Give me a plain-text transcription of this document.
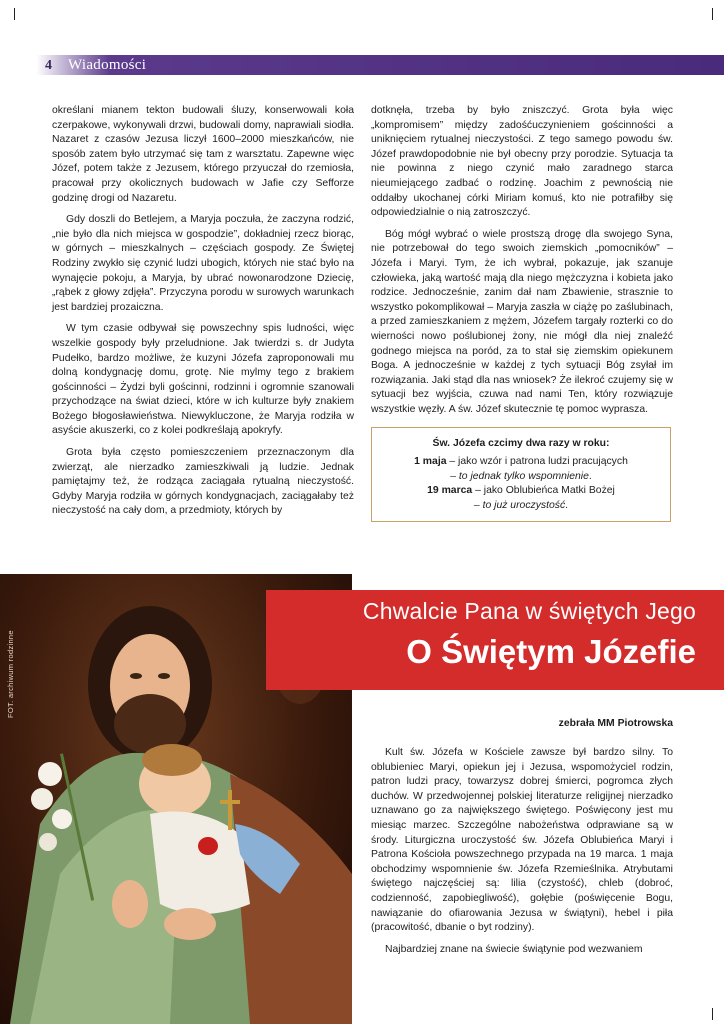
4 Wiadomości

określani mianem tekton budowali śluzy, konserwowali koła czerpakowe, wykonywali drzwi, budowali domy, naprawiali siodła. Nazaret z czasów Jezusa liczył 1600–2000 mieszkańców, nie sposób zatem było utrzymać się tam z warsztatu. Zapewne więc Józef, potem także z Jezusem, którego przyuczał do rzemiosła, pracował przy okolicznych budowach w Jafie czy Sefforze godzinę drogi od Nazaretu.

Gdy doszli do Betlejem, a Maryja poczuła, że zaczyna rodzić, „nie było dla nich miejsca w gospodzie”, dokładniej rzecz biorąc, w górnych – mieszkalnych – częściach gospody. Ze Świętej Rodziny zwykło się czynić ludzi ubogich, których nie stać było na wynajęcie pokoju, a Maryja, by ubrać nowonarodzone Dziecię, „rąbek z głowy zdjęła”. Przyczyna porodu w surowych warunkach jest bardziej prozaiczna.

W tym czasie odbywał się powszechny spis ludności, więc wszelkie gospody były przeludnione. Jak twierdzi s. dr Judyta Pudełko, bardzo możliwe, że kuzyni Józefa zaproponowali mu dolną kondygnację domu, grotę. Nie mylmy tego z brakiem gościnności – Żydzi byli gościnni, rodzinni i ogromnie szanowali przychodzące na świat dzieci, które w ich kulturze były znakiem Bożego błogosławieństwa. Niewykluczone, że Maryja rodziła w asyście akuszerki, co z kolei podkreślają apokryfy.

Grota była często pomieszczeniem przeznaczonym dla zwierząt, ale nierzadko zamieszkiwali ją ludzie. Jednak pamiętajmy też, że rodząca zaciągała rytualną nieczystość. Gdyby Maryja rodziła w górnych kondygnacjach, zaciągałaby też nieczystość na cały dom, a przedmioty, których by

dotknęła, trzeba by było zniszczyć. Grota była więc „kompromisem” między zadośćuczynieniem gościnności a uniknięciem rytualnej nieczystości. Z tego samego powodu św. Józef prawdopodobnie nie był obecny przy porodzie. Sytuacja ta nie powinna z niego czynić mało zaradnego starca nieumiejącego zadbać o rodzinę. Joachim z pewnością nie oddałby ukochanej córki Miriam komuś, kto nie potrafiłby się odpowiedzialnie o nią zatroszczyć.

Bóg mógł wybrać o wiele prostszą drogę dla swojego Syna, nie potrzebował do tego swoich ziemskich „pomocników” – Józefa i Maryi. Tym, że ich wybrał, pokazuje, jak szanuje człowieka, jaką wartość mają dla niego mężczyzna i kobieta jako rodzice. Jednocześnie, zanim dał nam Zbawienie, strasznie to wszystko pokomplikował – Maryja zaszła w ciążę po zaślubinach, a przed zamieszkaniem z mężem, Józefem targały rozterki co do wierności nowo poślubionej żony, nie mógł dla niej znaleźć godnego miejsca na poród, za to stał się ziemskim opiekunem Boga. A jednocześnie w każdej z tych sytuacji Bóg zsyłał im rozwiązania. Jaki stąd dla nas wniosek? Że ilekroć czujemy się w sytuacji bez wyjścia, czuwa nad nami Ten, który rozwiązuje wszystkie węzły. A św. Józef skutecznie tę pomoc wyprasza.

Św. Józefa czcimy dwa razy w roku:
1 maja – jako wzór i patrona ludzi pracujących
– to jednak tylko wspomnienie.
19 marca – jako Oblubieńca Matki Bożej
– to już uroczystość.
FOT. archiwum rodzinne
Chwalcie Pana w świętych Jego
O Świętym Józefie
zebrała MM Piotrowska

Kult św. Józefa w Kościele zawsze był bardzo silny. To oblubieniec Maryi, opiekun jej i Jezusa, wspomożyciel rodzin, patron ludzi pracy, towarzysz dobrej śmierci, pogromca złych duchów. W przedwojennej polskiej literaturze religijnej nierzadko uznawano go za największego świętego. Poświęcony jest mu miesiąc marzec. Szczególne nabożeństwa odprawiane są w środy. Liturgiczna uroczystość św. Józefa Oblubieńca Maryi i Patrona Kościoła powszechnego przypada na 19 marca. 1 maja obchodzimy wspomnienie św. Józefa Rzemieślnika. Atrybutami świętego najczęściej są: lilia (czystość), chleb (dobroć, codzienność, zapobiegliwość), gołębie (poświęcenie Bogu, nawiązanie do ofiarowania Jezusa w świątyni), hebel i piła (pracowitość, dbanie o byt rodziny).

Najbardziej znane na świecie świątynie pod wezwaniem
